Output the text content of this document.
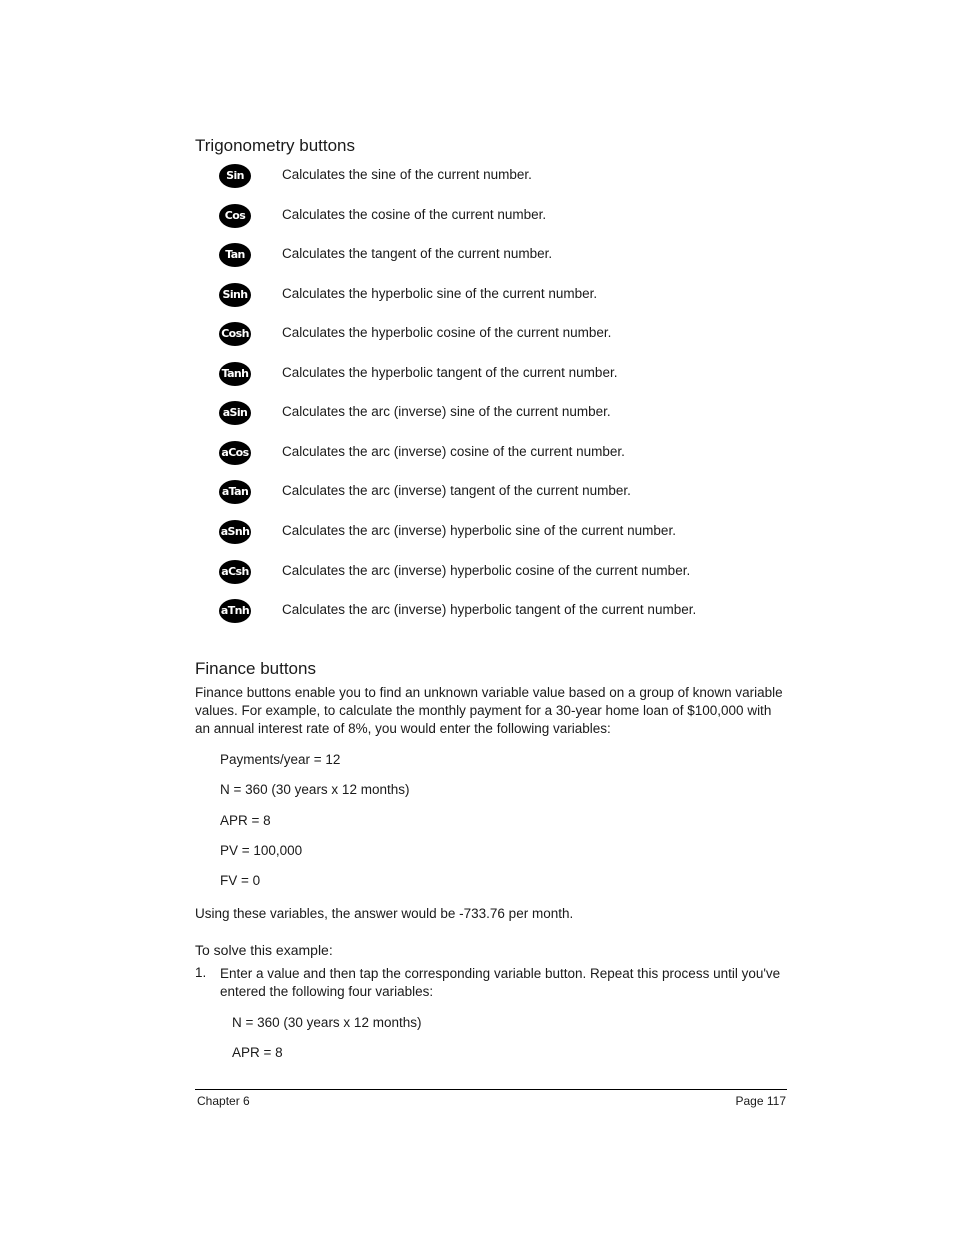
Trigonometry buttons
Sin	Calculates the sine of the current number.
Cos	Calculates the cosine of the current number.
Tan	Calculates the tangent of the current number.
Sinh	Calculates the hyperbolic sine of the current number.
Cosh Calculates the hyperbolic cosine of the current number.
Tanh Calculates the hyperbolic tangent of the current number.
aSin	Calculates the arc (inverse) sine of the current number.
aCos Calculates the arc (inverse) cosine of the current number.
aTan	Calculates the arc (inverse) tangent of the current number.
aSnh Calculates the arc (inverse) hyperbolic sine of the current number.
aCsh Calculates the arc (inverse) hyperbolic cosine of the current number.
aTnh Calculates the arc (inverse) hyperbolic tangent of the current number.
Finance buttons

Finance buttons enable you to find an unknown variable value based on a group of known variable values. For example, to calculate the monthly payment for a 30-year home loan of $100,000 with an annual interest rate of 8%, you would enter the following variables:

Payments/year = 12
N = 360 (30 years x 12 months)
APR = 8
PV = 100,000
FV = 0

Using these variables, the answer would be -733.76 per month.

To solve this example:
1. Enter a value and then tap the corresponding variable button. Repeat this process until you've entered the following four variables:
N = 360 (30 years x 12 months)
APR = 8
Chapter 6	Page 117
